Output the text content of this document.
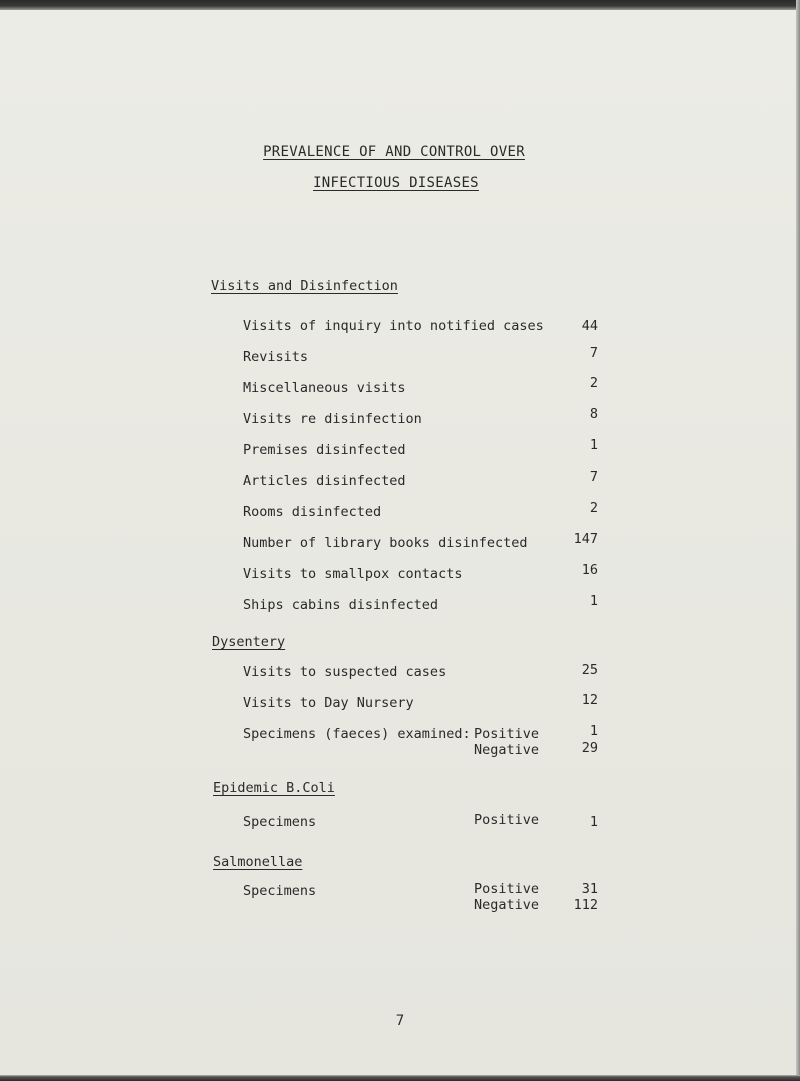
PREVALENCE OF AND CONTROL OVER
INFECTIOUS DISEASES
Visits and Disinfection
Visits of inquiry into notified cases	44
Revisits	7
Miscellaneous visits	2
Visits re disinfection	8
Premises disinfected	1
Articles disinfected	7
Rooms disinfected	2
Number of library books disinfected	147
Visits to smallpox contacts	16
Ships cabins disinfected	1
Dysentery
Visits to suspected cases	25
Visits to Day Nursery	12
Specimens (faeces) examined: Positive	1
Negative	29
Epidemic B.Coli
Specimens	Positive	1
Salmonellae
Specimens	Positive	31
Negative	112
7
